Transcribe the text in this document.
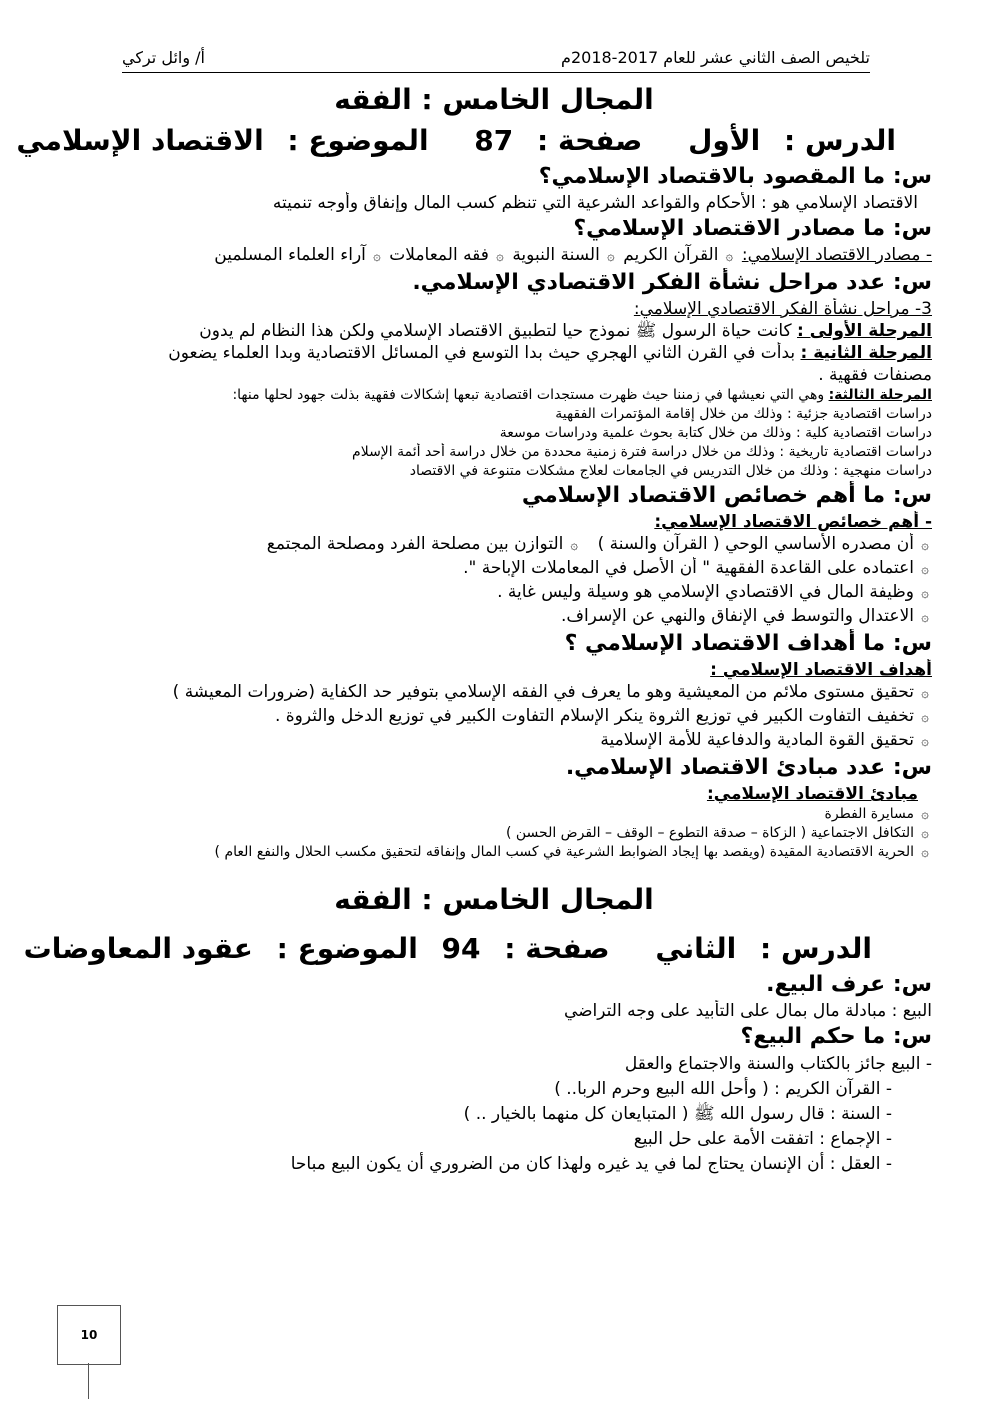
تلخيص الصف الثاني عشر للعام 2017-2018م
أ/ وائل تركي

المجال الخامس : الفقه

الدرس : الأول صفحة : 87 الموضوع : الاقتصاد الإسلامي

س: ما المقصود بالاقتصاد الإسلامي؟

الاقتصاد الإسلامي هو : الأحكام والقواعد الشرعية التي تنظم كسب المال وإنفاق وأوجه تنميته

س: ما مصادر الاقتصاد الإسلامي؟

- مصادر الاقتصاد الإسلامي: ۞القرآن الكريم ۞السنة النبوية ۞فقه المعاملات ۞آراء العلماء المسلمين

س: عدد مراحل نشأة الفكر الاقتصادي الإسلامي.

3- مراحل نشأة الفكر الاقتصادي الإسلامي:

المرحلة الأولى : كانت حياة الرسول ﷺ نموذج حيا لتطبيق الاقتصاد الإسلامي ولكن هذا النظام لم يدون

المرحلة الثانية : بدأت في القرن الثاني الهجري حيث بدا التوسع في المسائل الاقتصادية وبدا العلماء يضعون

مصنفات فقهية .

المرحلة الثالثة: وهي التي نعيشها في زمننا حيث ظهرت مستجدات اقتصادية تبعها إشكالات فقهية بذلت جهود لحلها منها:

دراسات اقتصادية جزئية : وذلك من خلال إقامة المؤتمرات الفقهية

دراسات اقتصادية كلية : وذلك من خلال كتابة بحوث علمية ودراسات موسعة

دراسات اقتصادية تاريخية : وذلك من خلال دراسة فترة زمنية محددة من خلال دراسة أحد أئمة الإسلام

دراسات منهجية : وذلك من خلال التدريس في الجامعات لعلاج مشكلات متنوعة في الاقتصاد

س: ما أهم خصائص الاقتصاد الإسلامي

- أهم خصائص الاقتصاد الإسلامي:

۞أن مصدره الأساسي الوحي ( القرآن والسنة )   ۞التوازن بين مصلحة الفرد ومصلحة المجتمع

۞اعتماده على القاعدة الفقهية " أن الأصل في المعاملات الإباحة ".

۞وظيفة المال في الاقتصادي الإسلامي هو وسيلة وليس غاية .

۞الاعتدال والتوسط في الإنفاق والنهي عن الإسراف.

س: ما أهداف الاقتصاد الإسلامي ؟

أهداف الاقتصاد الإسلامي :

۞تحقيق مستوى ملائم من المعيشية وهو ما يعرف في الفقه الإسلامي بتوفير حد الكفاية (ضرورات المعيشة )

۞تخفيف التفاوت الكبير في توزيع الثروة ينكر الإسلام التفاوت الكبير في توزيع الدخل والثروة .

۞تحقيق القوة المادية والدفاعية للأمة الإسلامية

س: عدد مبادئ الاقتصاد الإسلامي.

مبادئ الاقتصاد الإسلامي:

۞مسايرة الفطرة

۞التكافل الاجتماعية ( الزكاة – صدقة التطوع – الوقف – القرض الحسن )

۞الحرية الاقتصادية المقيدة (ويقصد بها إيجاد الضوابط الشرعية في كسب المال وإنفاقه لتحقيق مكسب الحلال والنفع العام )

المجال الخامس : الفقه

الدرس : الثاني صفحة : 94 الموضوع : عقود المعاوضات

س: عرف البيع.

البيع : مبادلة مال بمال على التأبيد على وجه التراضي

س: ما حكم البيع؟

- البيع جائز بالكتاب والسنة والاجتماع والعقل

- القرآن الكريم : ( وأحل الله البيع وحرم الربا.. )

- السنة : قال رسول الله ﷺ ( المتبايعان كل منهما بالخيار .. )

- الإجماع : اتفقت الأمة على حل البيع

- العقل : أن الإنسان يحتاج لما في يد غيره ولهذا كان من الضروري أن يكون البيع مباحا

10
